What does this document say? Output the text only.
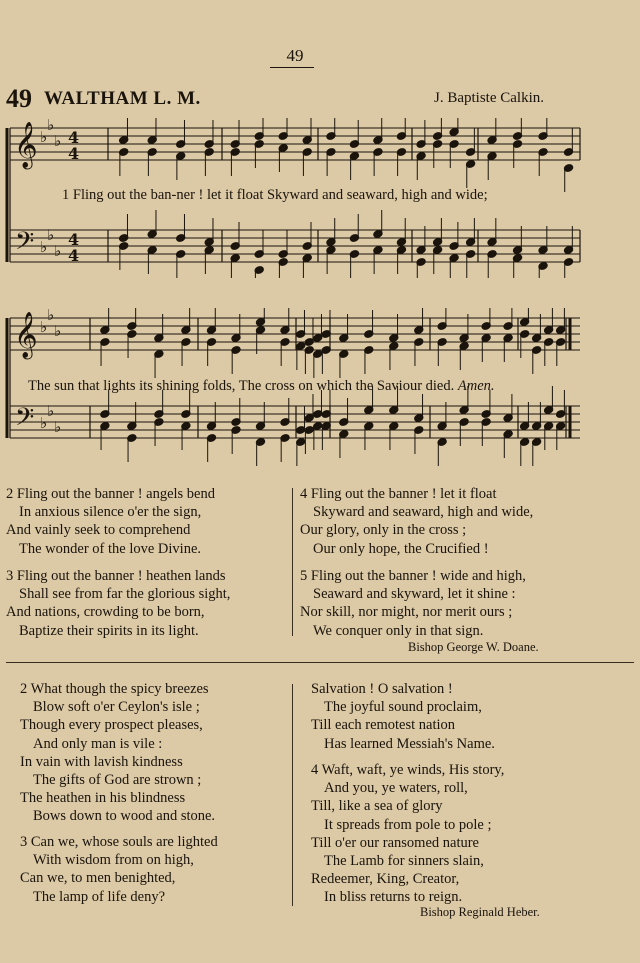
49
49 WALTHAM L. M.	J. Baptiste Calkin.
𝄞
𝄢
♭
♭
♭
♭
♭
♭
4
4
4
4
1 Fling out the ban-ner ! let it float Skyward and seaward, high and wide;
𝄞
𝄢
♭
♭
♭
♭
♭
♭
The sun that lights its shining folds, The cross on which the Saviour died. Amen.
2 Fling out the banner ! angels bend
In anxious silence o'er the sign,
And vainly seek to comprehend
The wonder of the love Divine.
3 Fling out the banner ! heathen lands
Shall see from far the glorious sight,
And nations, crowding to be born,
Baptize their spirits in its light.
4 Fling out the banner ! let it float
Skyward and seaward, high and wide,
Our glory, only in the cross ;
Our only hope, the Crucified !
5 Fling out the banner ! wide and high,
Seaward and skyward, let it shine :
Nor skill, nor might, nor merit ours ;
We conquer only in that sign.
Bishop George W. Doane.
2 What though the spicy breezes
Blow soft o'er Ceylon's isle ;
Though every prospect pleases,
And only man is vile :
In vain with lavish kindness
The gifts of God are strown ;
The heathen in his blindness
Bows down to wood and stone.
3 Can we, whose souls are lighted
With wisdom from on high,
Can we, to men benighted,
The lamp of life deny?
Salvation ! O salvation !
The joyful sound proclaim,
Till each remotest nation
Has learned Messiah's Name.
4 Waft, waft, ye winds, His story,
And you, ye waters, roll,
Till, like a sea of glory
It spreads from pole to pole ;
Till o'er our ransomed nature
The Lamb for sinners slain,
Redeemer, King, Creator,
In bliss returns to reign.
Bishop Reginald Heber.
